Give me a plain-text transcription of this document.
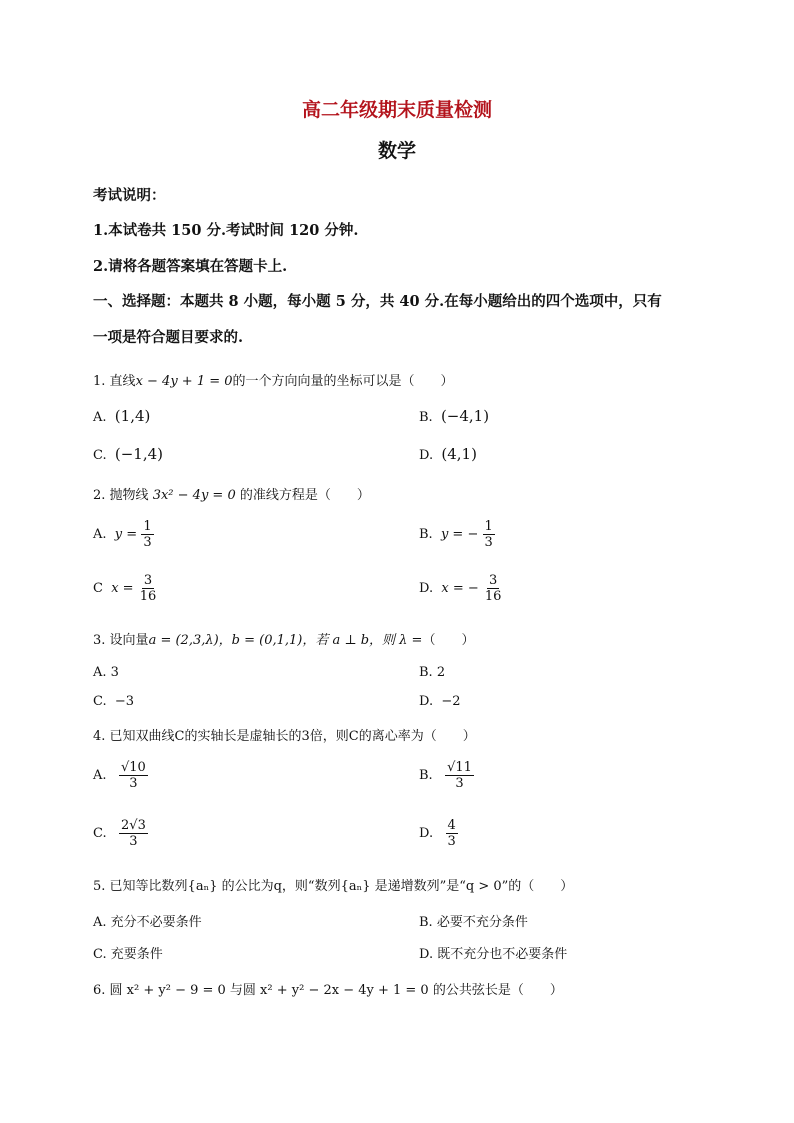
高二年级期末质量检测
数学
考试说明：
1.本试卷共 150 分.考试时间 120 分钟.
2.请将各题答案填在答题卡上.
一、选择题：本题共 8 小题，每小题 5 分，共 40 分.在每小题给出的四个选项中，只有
一项是符合题目要求的.
1. 直线x − 4y + 1 = 0的一个方向向量的坐标可以是（　　）
A. (1,4)	B. (−4,1)
C. (−1,4)	D. (4,1)
2. 抛物线 3x² − 4y = 0 的准线方程是（　　）
A. $y = \frac{1}{3}$	B. y = − $\frac{1}{3}$
C $x = \frac{3}{16}$	D. x = − $\frac{3}{16}$
3. 设向量a = (2,3,λ)，b = (0,1,1)，若 a ⊥ b，则 λ =（　　）
A. 3	B. 2
C. −3	D. −2
4. 已知双曲线C的实轴长是虚轴长的3倍，则C的离心率为（　　）
A. $\frac{√10}{3}$	B. $\frac{√11}{3}$
C. $\frac{2√3}{3}$	D. $\frac{4}{3}$
5. 已知等比数列{aₙ} 的公比为q，则“数列{aₙ} 是递增数列”是“q > 0”的（　　）
A. 充分不必要条件	B. 必要不充分条件
C. 充要条件	D. 既不充分也不必要条件
6. 圆 x² + y² − 9 = 0 与圆 x² + y² − 2x − 4y + 1 = 0 的公共弦长是（　　）
